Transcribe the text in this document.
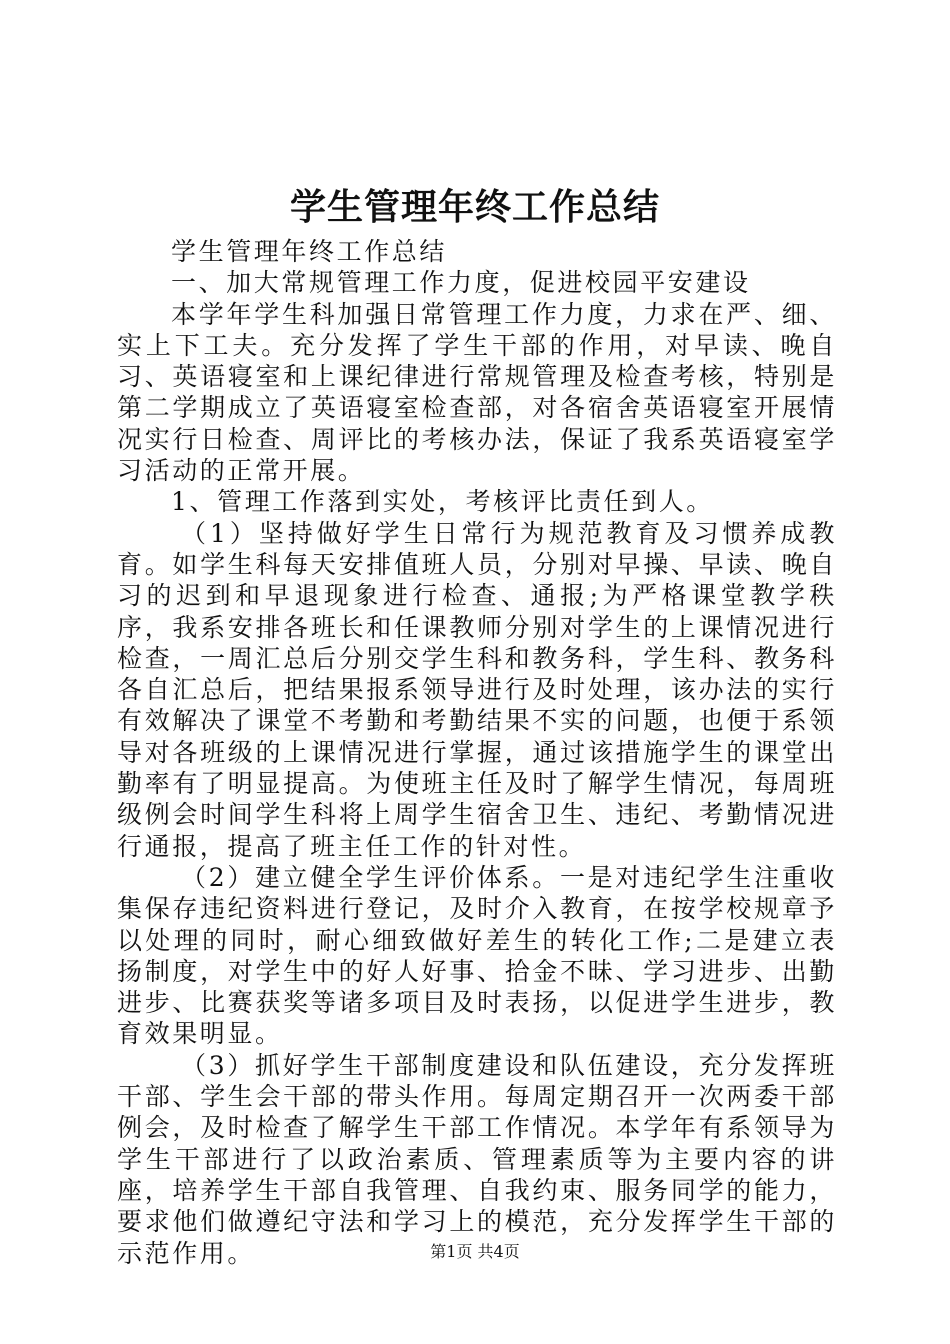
学生管理年终工作总结

学生管理年终工作总结

一、加大常规管理工作力度，促进校园平安建设

本学年学生科加强日常管理工作力度，力求在严、细、实上下工夫。充分发挥了学生干部的作用，对早读、晚自习、英语寝室和上课纪律进行常规管理及检查考核，特别是第二学期成立了英语寝室检查部，对各宿舍英语寝室开展情况实行日检查、周评比的考核办法，保证了我系英语寝室学习活动的正常开展。

1、管理工作落到实处，考核评比责任到人。

（1）坚持做好学生日常行为规范教育及习惯养成教育。如学生科每天安排值班人员，分别对早操、早读、晚自习的迟到和早退现象进行检查、通报;为严格课堂教学秩序，我系安排各班长和任课教师分别对学生的上课情况进行检查，一周汇总后分别交学生科和教务科，学生科、教务科各自汇总后，把结果报系领导进行及时处理，该办法的实行有效解决了课堂不考勤和考勤结果不实的问题，也便于系领导对各班级的上课情况进行掌握，通过该措施学生的课堂出勤率有了明显提高。为使班主任及时了解学生情况，每周班级例会时间学生科将上周学生宿舍卫生、违纪、考勤情况进行通报，提高了班主任工作的针对性。

（2）建立健全学生评价体系。一是对违纪学生注重收集保存违纪资料进行登记，及时介入教育，在按学校规章予以处理的同时，耐心细致做好差生的转化工作;二是建立表扬制度，对学生中的好人好事、拾金不昧、学习进步、出勤进步、比赛获奖等诸多项目及时表扬，以促进学生进步，教育效果明显。

（3）抓好学生干部制度建设和队伍建设，充分发挥班干部、学生会干部的带头作用。每周定期召开一次两委干部例会，及时检查了解学生干部工作情况。本学年有系领导为学生干部进行了以政治素质、管理素质等为主要内容的讲座，培养学生干部自我管理、自我约束、服务同学的能力，要求他们做遵纪守法和学习上的模范，充分发挥学生干部的示范作用。	第1页 共4页
